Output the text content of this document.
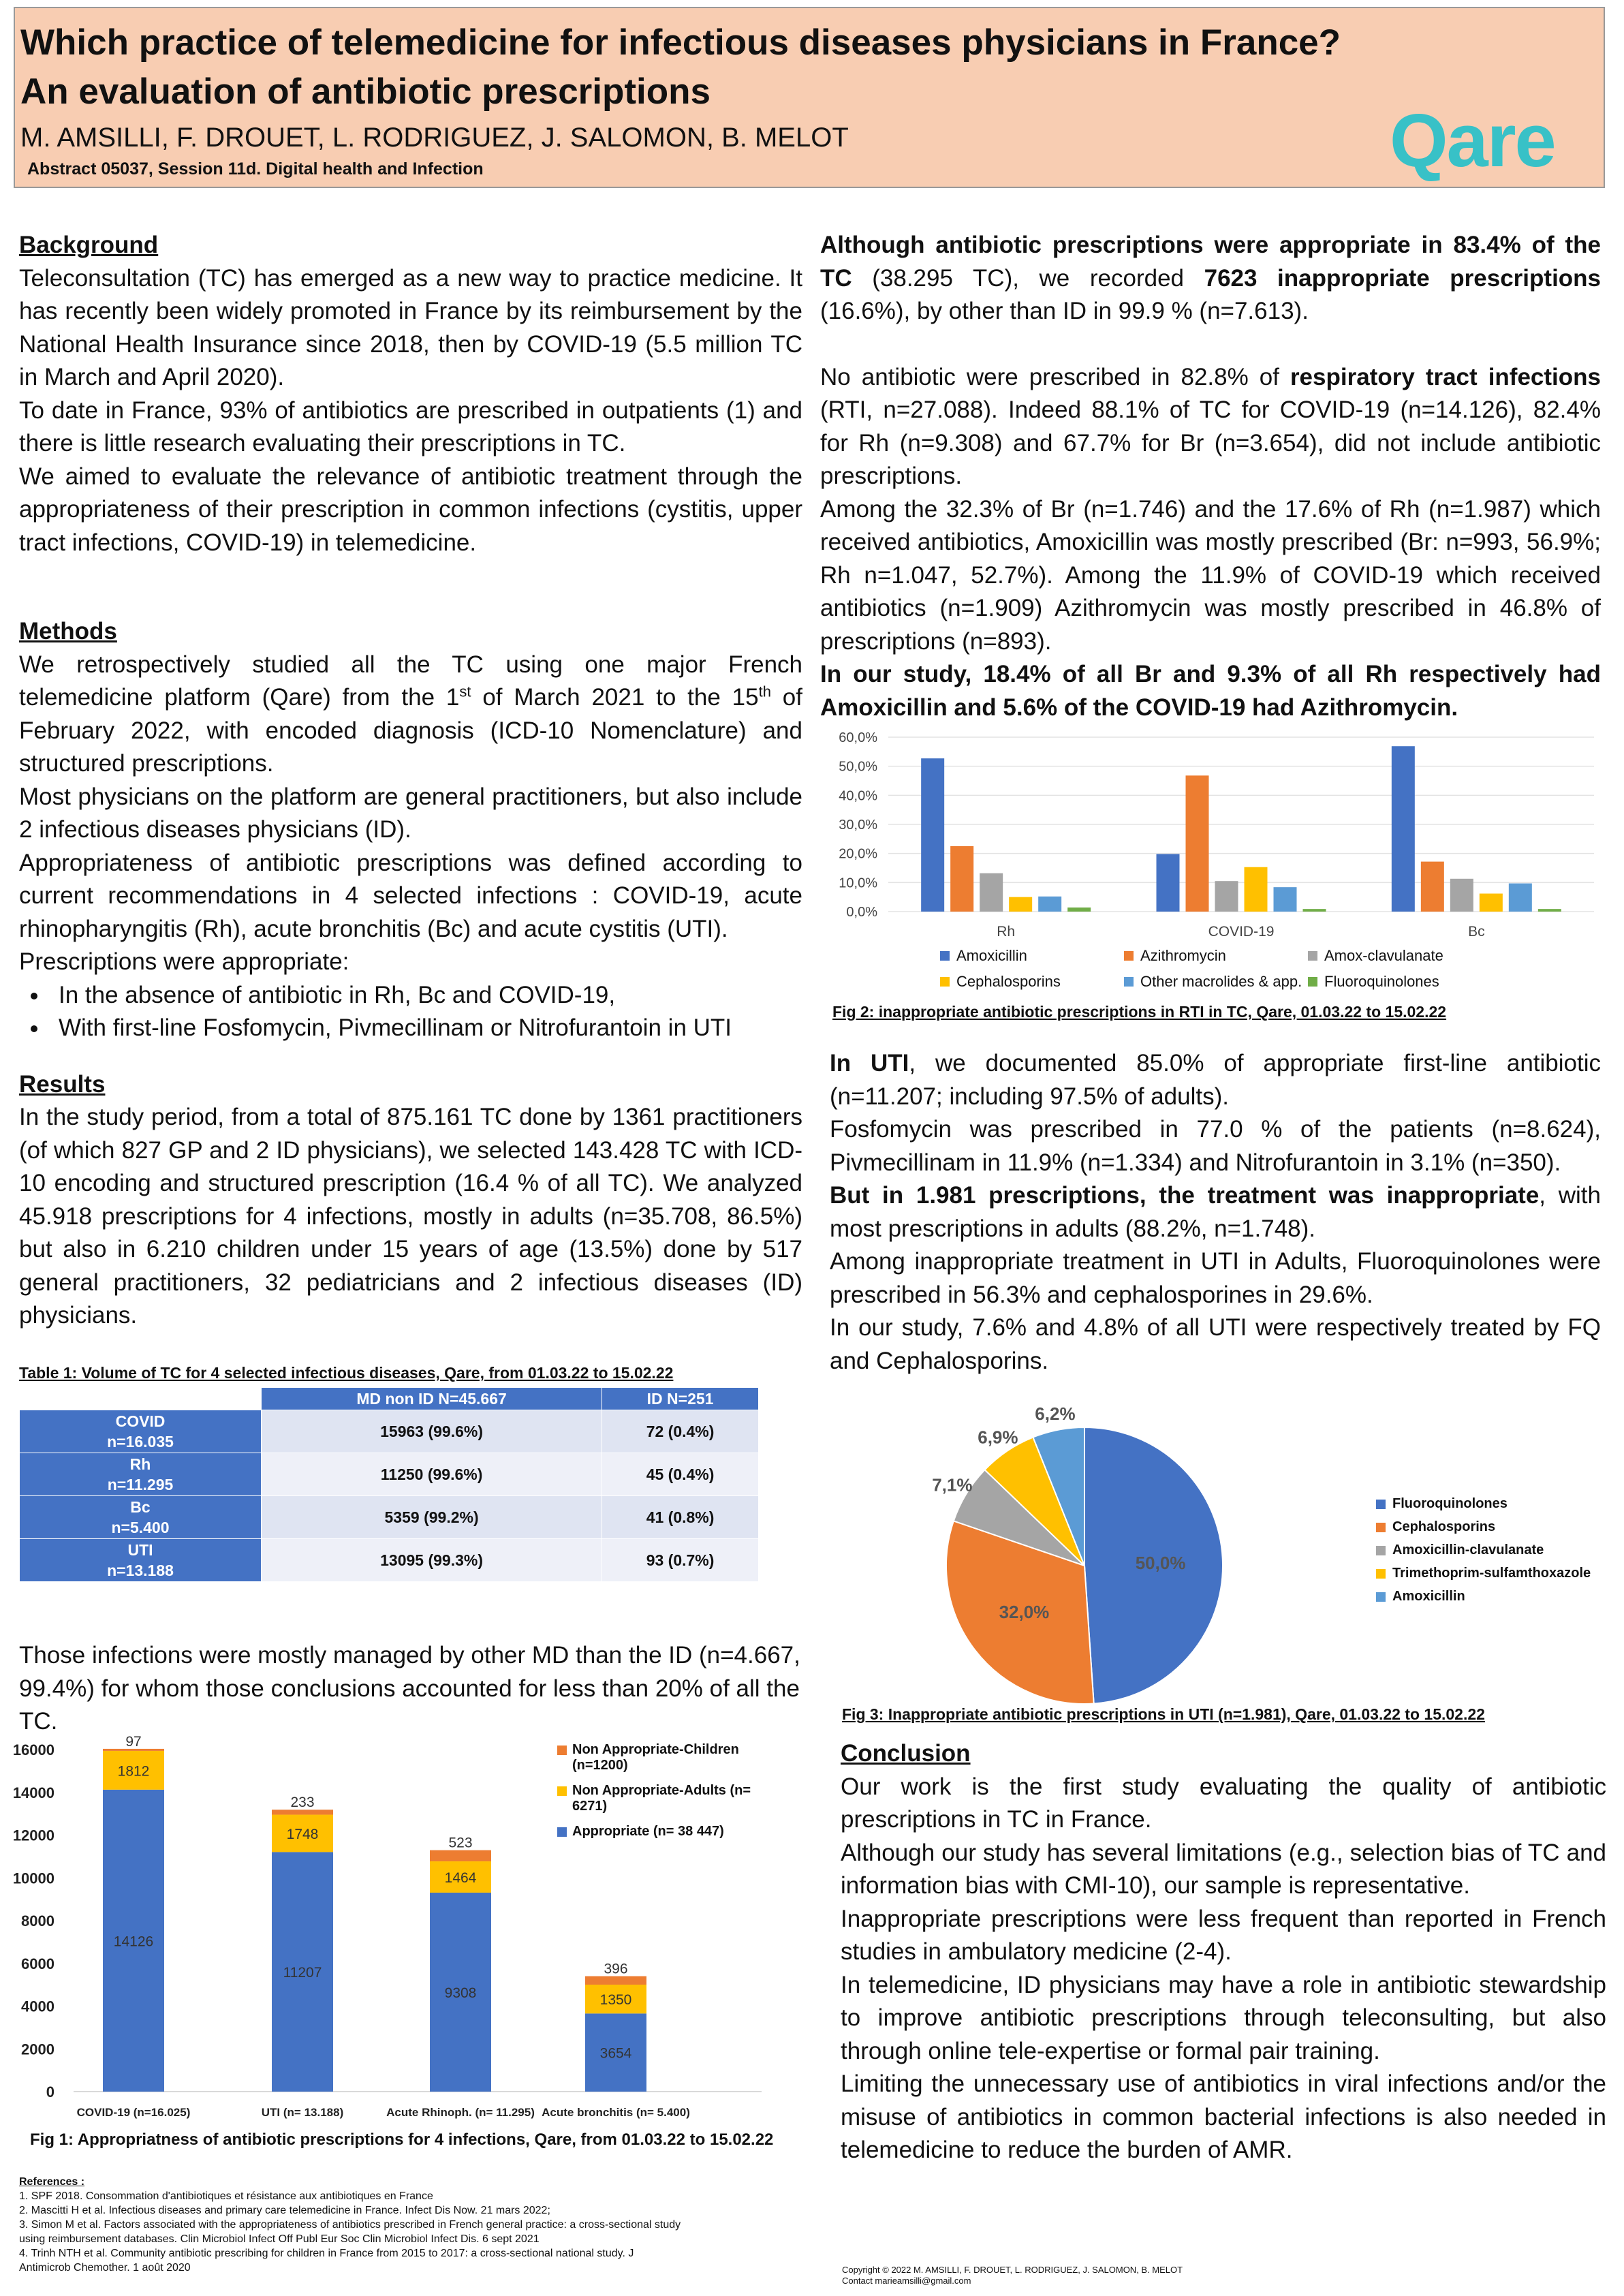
Which practice of telemedicine for infectious diseases physicians in France?
An evaluation of antibiotic prescriptions
M. AMSILLI, F. DROUET, L. RODRIGUEZ, J. SALOMON, B. MELOT
Abstract 05037, Session 11d. Digital health and Infection	Qare

Background

Teleconsultation (TC) has emerged as a new way to practice medicine. It has recently been widely promoted in France by its reimbursement by the National Health Insurance since 2018, then by COVID-19 (5.5 million TC in March and April 2020).

To date in France, 93% of antibiotics are prescribed in outpatients (1) and there is little research evaluating their prescriptions in TC.

We aimed to evaluate the relevance of antibiotic treatment through the appropriateness of their prescription in common infections (cystitis, upper tract infections, COVID-19) in telemedicine.

Methods

We retrospectively studied all the TC using one major French telemedicine platform (Qare) from the 1st of March 2021 to the 15th of February 2022, with encoded diagnosis (ICD-10 Nomenclature) and structured prescriptions.

Most physicians on the platform are general practitioners, but also include 2 infectious diseases physicians (ID).

Appropriateness of antibiotic prescriptions was defined according to current recommendations in 4 selected infections : COVID-19, acute rhinopharyngitis (Rh), acute bronchitis (Bc) and acute cystitis (UTI).

Prescriptions were appropriate:

• In the absence of antibiotic in Rh, Bc and COVID-19,
• With first-line Fosfomycin, Pivmecillinam or Nitrofurantoin in UTI

Results

In the study period, from a total of 875.161 TC done by 1361 practitioners (of which 827 GP and 2 ID physicians), we selected 143.428 TC with ICD-10 encoding and structured prescription (16.4 % of all TC). We analyzed 45.918 prescriptions for 4 infections, mostly in adults (n=35.708, 86.5%) but also in 6.210 children under 15 years of age (13.5%) done by 517 general practitioners, 32 pediatricians and 2 infectious diseases (ID) physicians.

Table 1: Volume of TC for 4 selected infectious diseases, Qare, from 01.03.22 to 15.02.22
	MD non ID N=45.667	ID N=251
COVID
n=16.035	15963 (99.6%)	72 (0.4%)
Rh
n=11.295	11250 (99.6%)	45 (0.4%)
Bc
n=5.400	5359 (99.2%)	41 (0.8%)
UTI
n=13.188	13095 (99.3%)	93 (0.7%)
Those infections were mostly managed by other MD than the ID (n=4.667, 99.4%) for whom those conclusions accounted for less than 20% of all the TC.
0
2000
4000
6000
8000
10000
12000
14000
16000
14126
1812
97
COVID-19 (n=16.025)
11207
1748
233
UTI (n= 13.188)
9308
1464
523
Acute Rhinoph. (n= 11.295)
3654
1350
396
Acute bronchitis (n= 5.400)
Non Appropriate-Children (n=1200)
Non Appropriate-Adults (n= 6271)
Appropriate (n= 38 447)
Fig 1: Appropriatness of antibiotic prescriptions for 4 infections, Qare, from 01.03.22 to 15.02.22
References :
1. SPF 2018. Consommation d'antibiotiques et résistance aux antibiotiques en France
2. Mascitti H et al. Infectious diseases and primary care telemedicine in France. Infect Dis Now. 21 mars 2022;
3. Simon M et al. Factors associated with the appropriateness of antibiotics prescribed in French general practice: a cross-sectional study
using reimbursement databases. Clin Microbiol Infect Off Publ Eur Soc Clin Microbiol Infect Dis. 6 sept 2021
4. Trinh NTH et al. Community antibiotic prescribing for children in France from 2015 to 2017: a cross-sectional national study. J
Antimicrob Chemother. 1 août 2020

Although antibiotic prescriptions were appropriate in 83.4% of the TC (38.295 TC), we recorded 7623 inappropriate prescriptions (16.6%), by other than ID in 99.9 % (n=7.613).

No antibiotic were prescribed in 82.8% of respiratory tract infections (RTI, n=27.088). Indeed 88.1% of TC for COVID-19 (n=14.126), 82.4% for Rh (n=9.308) and 67.7% for Br (n=3.654), did not include antibiotic prescriptions.

Among the 32.3% of Br (n=1.746) and the 17.6% of Rh (n=1.987) which received antibiotics, Amoxicillin was mostly prescribed (Br: n=993, 56.9%; Rh n=1.047, 52.7%). Among the 11.9% of COVID-19 which received antibiotics (n=1.909) Azithromycin was mostly prescribed in 46.8% of prescriptions (n=893).

In our study, 18.4% of all Br and 9.3% of all Rh respectively had Amoxicillin and 5.6% of the COVID-19 had Azithromycin.

0,0%
10,0%
20,0%
30,0%
40,0%
50,0%
60,0%
Rh	COVID-19	Bc
Amoxicillin	Azithromycin	Amox-clavulanate
Cephalosporins	Other macrolides & app. Fluoroquinolones
Fig 2: inappropriate antibiotic prescriptions in RTI in TC, Qare, 01.03.22 to 15.02.22

In UTI, we documented 85.0% of appropriate first-line antibiotic (n=11.207; including 97.5% of adults).

Fosfomycin was prescribed in 77.0 % of the patients (n=8.624), Pivmecillinam in 11.9% (n=1.334) and Nitrofurantoin in 3.1% (n=350).

But in 1.981 prescriptions, the treatment was inappropriate, with most prescriptions in adults (88.2%, n=1.748).

Among inappropriate treatment in UTI in Adults, Fluoroquinolones were prescribed in 56.3% and cephalosporines in 29.6%.

In our study, 7.6% and 4.8% of all UTI were respectively treated by FQ and Cephalosporins.

50,0%
32,0%
7,1%
6,9%
6,2%
Fluoroquinolones
Cephalosporins
Amoxicillin-clavulanate
Trimethoprim-sulfamthoxazole
Amoxicillin
Fig 3: Inappropriate antibiotic prescriptions in UTI (n=1.981), Qare, 01.03.22 to 15.02.22

Conclusion

Our work is the first study evaluating the quality of antibiotic prescriptions in TC in France.

Although our study has several limitations (e.g., selection bias of TC and information bias with CMI-10), our sample is representative.

Inappropriate prescriptions were less frequent than reported in French studies in ambulatory medicine (2-4).

In telemedicine, ID physicians may have a role in antibiotic stewardship to improve antibiotic prescriptions through teleconsulting, but also through online tele-expertise or formal pair training.

Limiting the unnecessary use of antibiotics in viral infections and/or the misuse of antibiotics in common bacterial infections is also needed in telemedicine to reduce the burden of AMR.

Copyright © 2022 M. AMSILLI, F. DROUET, L. RODRIGUEZ, J. SALOMON, B. MELOT
Contact marieamsilli@gmail.com
